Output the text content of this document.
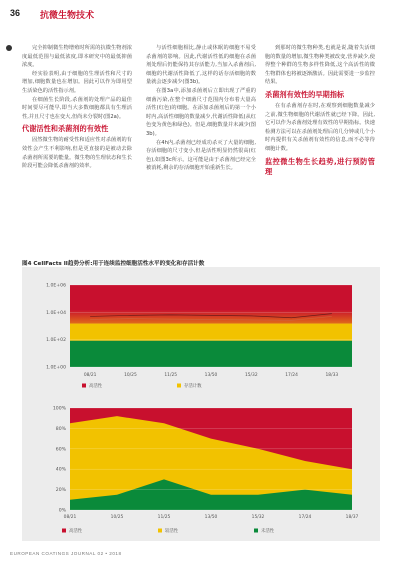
36 抗微生物技术

完全抑制微生物增殖时所需的抗微生物剂浓度最低范围与最低浓度,即本研究中的最低抑菌浓度。

经实验表明,由于细胞的生理活性和尺寸的增加,细胞数量也在增加。因此可以作为即用型生活染色的活性指示剂。

在细菌生长阶段,杀菌剂的处理产品的最佳时间要尽可能早,即当大多数细胞都具有生理活性,并且尺寸也在变大,但尚未分裂时(图2a)。

代谢活性和杀菌剂的有效性

固然微生物的耐受性和适应性对杀菌剂的有效性会产生不利影响,但是更直接的是被动去除杀菌剂所需要的能量。微生物的生理状态和生长阶段可能会降低杀菌剂的效率。

与活性细胞相比,静止或休眠的细胞不易受杀菌剂的影响。因此,代谢活性低的细胞在杀菌剂处理后仍能保持其存活能力,当加入杀菌剂后,细胞的代谢活性降低了,这样的话存活细胞的数量就会逐步减少(图3b)。

在图3a中,添加杀菌剂后立即出现了严重的细菌污染,在整个细菌尺寸范围内分布着大量高活性(红色)的细胞。在添加杀菌剂后的第一个小时内,高活性细胞的数量减少,代谢活性降低(从红色变为黄色和绿色)。但是,细胞数量并未减少(图3b)。

在4h内,杀菌剂已经成功杀灭了大量的细胞,存活细胞的尺寸变小,但是活性明显仍然很高(红色),如图3c所示。这可能是由于杀菌剂已经完全被消耗,剩余的存活细胞开始重新生长。

到那时的微生物种类,也就是说,随着失活细胞的数量的增加,微生物种类被改变,营养减少,使得整个种群的生物多样性降低,这个高活性的微生物群体也将被逐渐激活。因此需要进一步监控结果。

杀菌剂有效性的早期指标

在有杀菌剂存在时,在观察到细胞数量减少之前,微生物细胞的代谢活性就已经下降。因此,它可以作为杀菌剂处理有效性的早期指标。快速检测方法可以在杀菌剂处理后的几分钟或几个小时内提供有关杀菌剂有效性的信息,而不必等待细胞计数。

监控微生物生长趋势,进行预防管理
图4 CellFacts II趋势分析:用于连续监控细胞活性水平的变化和存活计数
1.0E+06
1.0E+04
1.0E+02
1.0E+00
08/21	10/25	11/25	13/50	15/32	17/24	18/33
高活性	存活计数
100%
80%
60%
40%
20%
0%
08/21	10/25	11/25	13/50	15/32	17/24	18/37
高活性	较活性	未活性
EUROPEAN COATINGS JOURNAL 02 • 2018
